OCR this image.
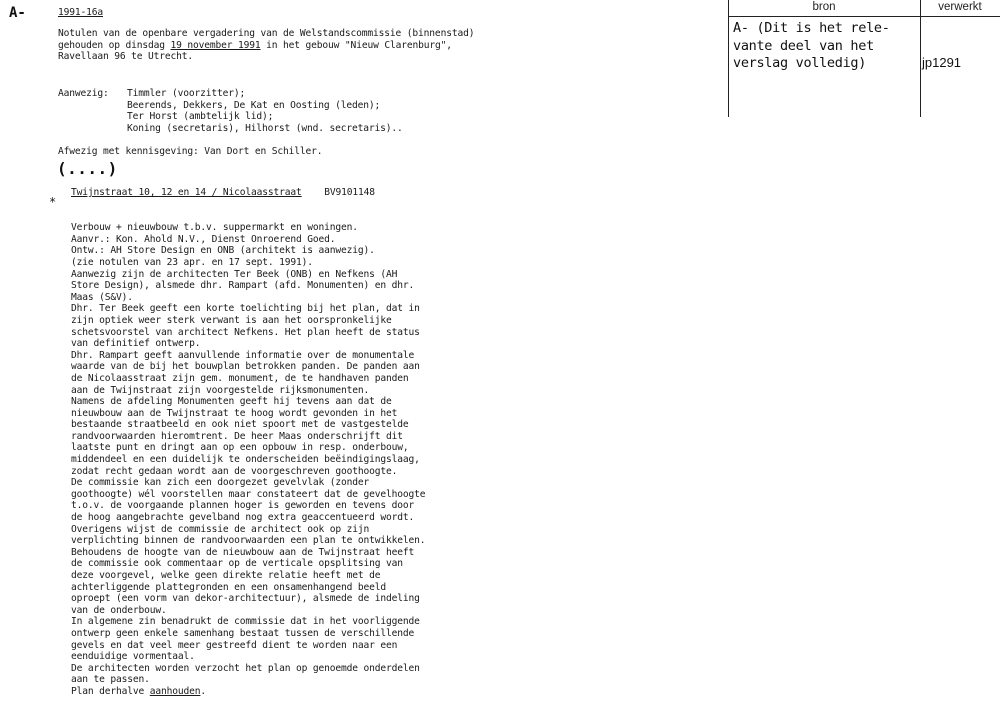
A-	1991-16a
Notulen van de openbare vergadering van de Welstandscommissie (binnenstad)
gehouden op dinsdag 19 november 1991 in het gebouw "Nieuw Clarenburg",
Ravellaan 96 te Utrecht.
Aanwezig: Timmler (voorzitter);
Beerends, Dekkers, De Kat en Oosting (leden);
Ter Horst (ambtelijk lid);
Koning (secretaris), Hilhorst (wnd. secretaris)..
Afwezig met kennisgeving: Van Dort en Schiller.
(....)
*
Twijnstraat 10, 12 en 14 / Nicolaasstraat BV9101148

Verbouw + nieuwbouw t.b.v. suppermarkt en woningen.
Aanvr.: Kon. Ahold N.V., Dienst Onroerend Goed.
Ontw.: AH Store Design en ONB (architekt is aanwezig).
(zie notulen van 23 apr. en 17 sept. 1991).
Aanwezig zijn de architecten Ter Beek (ONB) en Nefkens (AH
Store Design), alsmede dhr. Rampart (afd. Monumenten) en dhr.
Maas (S&V).
Dhr. Ter Beek geeft een korte toelichting bij het plan, dat in
zijn optiek weer sterk verwant is aan het oorspronkelijke
schetsvoorstel van architect Nefkens. Het plan heeft de status
van definitief ontwerp.
Dhr. Rampart geeft aanvullende informatie over de monumentale
waarde van de bij het bouwplan betrokken panden. De panden aan
de Nicolaasstraat zijn gem. monument, de te handhaven panden
aan de Twijnstraat zijn voorgestelde rijksmonumenten.
Namens de afdeling Monumenten geeft hij tevens aan dat de
nieuwbouw aan de Twijnstraat te hoog wordt gevonden in het
bestaande straatbeeld en ook niet spoort met de vastgestelde
randvoorwaarden hieromtrent. De heer Maas onderschrijft dit
laatste punt en dringt aan op een opbouw in resp. onderbouw,
middendeel en een duidelijk te onderscheiden beëindigingslaag,
zodat recht gedaan wordt aan de voorgeschreven goothoogte.
De commissie kan zich een doorgezet gevelvlak (zonder
goothoogte) wél voorstellen maar constateert dat de gevelhoogte
t.o.v. de voorgaande plannen hoger is geworden en tevens door
de hoog aangebrachte gevelband nog extra geaccentueerd wordt.
Overigens wijst de commissie de architect ook op zijn
verplichting binnen de randvoorwaarden een plan te ontwikkelen.
Behoudens de hoogte van de nieuwbouw aan de Twijnstraat heeft
de commissie ook commentaar op de verticale opsplitsing van
deze voorgevel, welke geen direkte relatie heeft met de
achterliggende plattegronden en een onsamenhangend beeld
oproept (een vorm van dekor-architectuur), alsmede de indeling
van de onderbouw.
In algemene zin benadrukt de commissie dat in het voorliggende
ontwerp geen enkele samenhang bestaat tussen de verschillende
gevels en dat veel meer gestreefd dient te worden naar een
eenduidige vormentaal.
De architecten worden verzocht het plan op genoemde onderdelen
aan te passen.
Plan derhalve aanhouden.

bron	verwerkt
A- (Dit is het rele-
vante deel van het
verslag volledig)	jp1291
